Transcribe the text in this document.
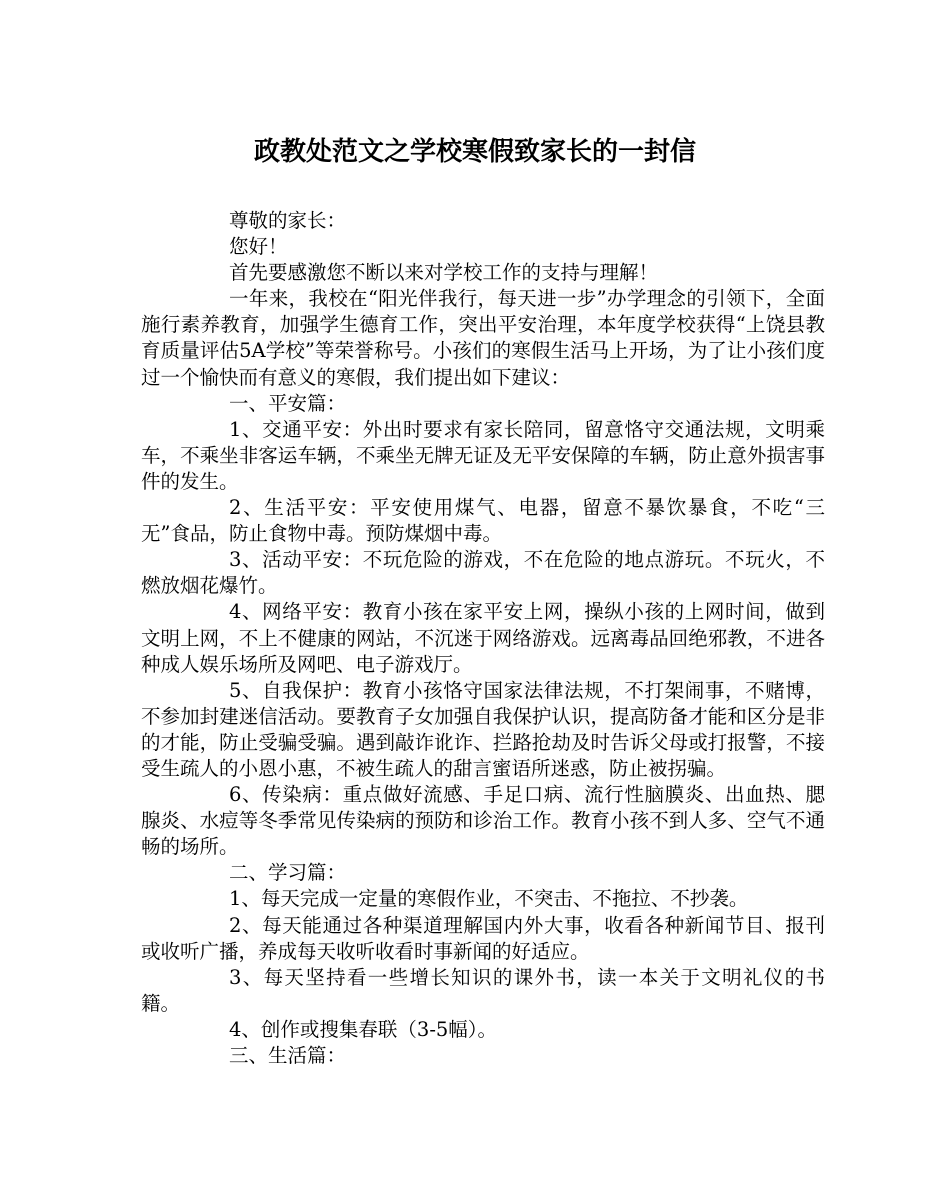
政教处范文之学校寒假致家长的一封信

尊敬的家长：

您好！

首先要感激您不断以来对学校工作的支持与理解！

一年来，我校在“阳光伴我行，每天进一步”办学理念的引领下，全面施行素养教育，加强学生德育工作，突出平安治理，本年度学校获得“上饶县教育质量评估5A学校”等荣誉称号。小孩们的寒假生活马上开场，为了让小孩们度过一个愉快而有意义的寒假，我们提出如下建议：

一、平安篇：

1、交通平安：外出时要求有家长陪同，留意恪守交通法规，文明乘车，不乘坐非客运车辆，不乘坐无牌无证及无平安保障的车辆，防止意外损害事件的发生。

2、生活平安：平安使用煤气、电器，留意不暴饮暴食，不吃“三无”食品，防止食物中毒。预防煤烟中毒。

3、活动平安：不玩危险的游戏，不在危险的地点游玩。不玩火，不燃放烟花爆竹。

4、网络平安：教育小孩在家平安上网，操纵小孩的上网时间，做到文明上网，不上不健康的网站，不沉迷于网络游戏。远离毒品回绝邪教，不进各种成人娱乐场所及网吧、电子游戏厅。

5、自我保护：教育小孩恪守国家法律法规，不打架闹事，不赌博，不参加封建迷信活动。要教育子女加强自我保护认识，提高防备才能和区分是非的才能，防止受骗受骗。遇到敲诈讹诈、拦路抢劫及时告诉父母或打报警，不接受生疏人的小恩小惠，不被生疏人的甜言蜜语所迷惑，防止被拐骗。

6、传染病：重点做好流感、手足口病、流行性脑膜炎、出血热、腮腺炎、水痘等冬季常见传染病的预防和诊治工作。教育小孩不到人多、空气不通畅的场所。

二、学习篇：

1、每天完成一定量的寒假作业，不突击、不拖拉、不抄袭。

2、每天能通过各种渠道理解国内外大事，收看各种新闻节目、报刊或收听广播，养成每天收听收看时事新闻的好适应。

3、每天坚持看一些增长知识的课外书，读一本关于文明礼仪的书籍。

4、创作或搜集春联（3-5幅）。

三、生活篇：
